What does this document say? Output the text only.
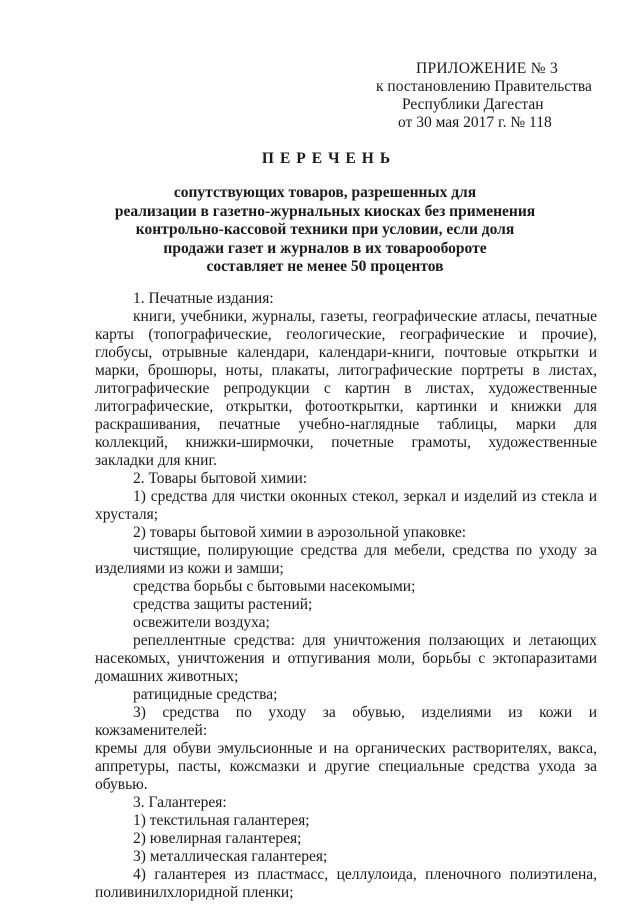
ПРИЛОЖЕНИЕ № 3
к постановлению Правительства
Республики Дагестан
от 30 мая 2017 г. № 118
ПЕРЕЧЕНЬ
сопутствующих товаров, разрешенных для
реализации в газетно-журнальных киосках без применения
контрольно-кассовой техники при условии, если доля
продажи газет и журналов в их товарообороте
составляет не менее 50 процентов

1. Печатные издания:

книги, учебники, журналы, газеты, географические атласы, печатные карты (топографические, геологические, географические и прочие), глобусы, отрывные календари, календари-книги, почтовые открытки и марки, брошюры, ноты, плакаты, литографические портреты в листах, литографические репродукции с картин в листах, художественные литографические, открытки, фотооткрытки, картинки и книжки для раскрашивания, печатные учебно-наглядные таблицы, марки для коллекций, книжки-ширмочки, почетные грамоты, художественные закладки для книг.

2. Товары бытовой химии:

1) средства для чистки оконных стекол, зеркал и изделий из стекла и хрусталя;

2) товары бытовой химии в аэрозольной упаковке:

чистящие, полирующие средства для мебели, средства по уходу за изделиями из кожи и замши;

средства борьбы с бытовыми насекомыми;

средства защиты растений;

освежители воздуха;

репеллентные средства: для уничтожения ползающих и летающих насекомых, уничтожения и отпугивания моли, борьбы с эктопаразитами домашних животных;

ратицидные средства;

3) средства по уходу за обувью, изделиями из кожи и кожзаменителей:

кремы для обуви эмульсионные и на органических растворителях, вакса, аппретуры, пасты, кожсмазки и другие специальные средства ухода за обувью.

3. Галантерея:

1) текстильная галантерея;

2) ювелирная галантерея;

3) металлическая галантерея;

4) галантерея из пластмасс, целлулоида, пленочного полиэтилена, поливинилхлоридной пленки;
